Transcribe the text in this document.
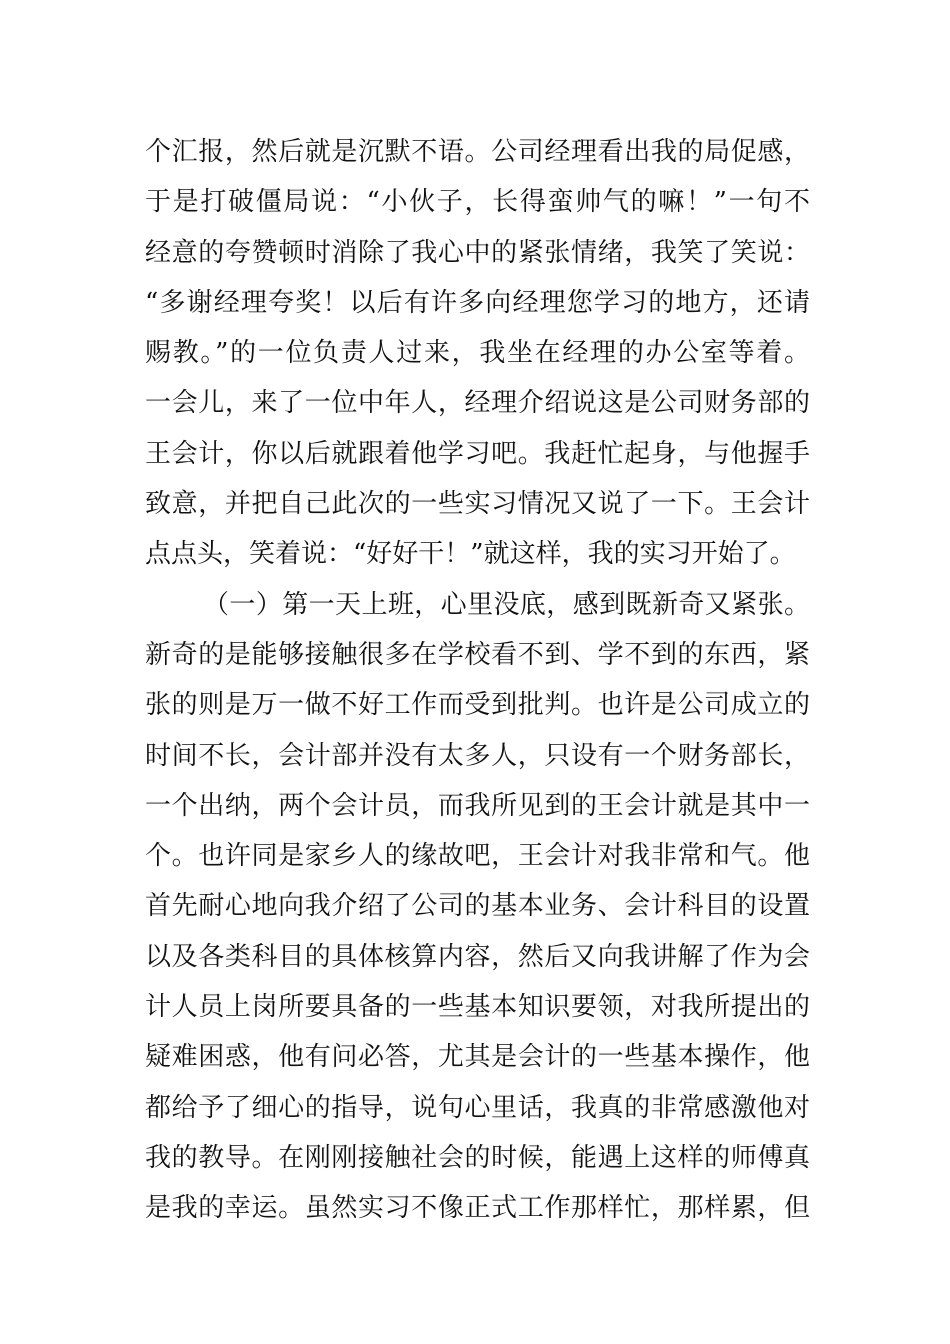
个汇报，然后就是沉默不语。公司经理看出我的局促感，
于是打破僵局说：“小伙子，长得蛮帅气的嘛！”一句不
经意的夸赞顿时消除了我心中的紧张情绪，我笑了笑说：
“多谢经理夸奖！以后有许多向经理您学习的地方，还请
赐教。”的一位负责人过来，我坐在经理的办公室等着。
一会儿，来了一位中年人，经理介绍说这是公司财务部的
王会计，你以后就跟着他学习吧。我赶忙起身，与他握手
致意，并把自己此次的一些实习情况又说了一下。王会计
点点头，笑着说：“好好干！”就这样，我的实习开始了。
（一）第一天上班，心里没底，感到既新奇又紧张。
新奇的是能够接触很多在学校看不到、学不到的东西，紧
张的则是万一做不好工作而受到批判。也许是公司成立的
时间不长，会计部并没有太多人，只设有一个财务部长，
一个出纳，两个会计员，而我所见到的王会计就是其中一
个。也许同是家乡人的缘故吧，王会计对我非常和气。他
首先耐心地向我介绍了公司的基本业务、会计科目的设置
以及各类科目的具体核算内容，然后又向我讲解了作为会
计人员上岗所要具备的一些基本知识要领，对我所提出的
疑难困惑，他有问必答，尤其是会计的一些基本操作，他
都给予了细心的指导，说句心里话，我真的非常感激他对
我的教导。在刚刚接触社会的时候，能遇上这样的师傅真
是我的幸运。虽然实习不像正式工作那样忙，那样累，但
